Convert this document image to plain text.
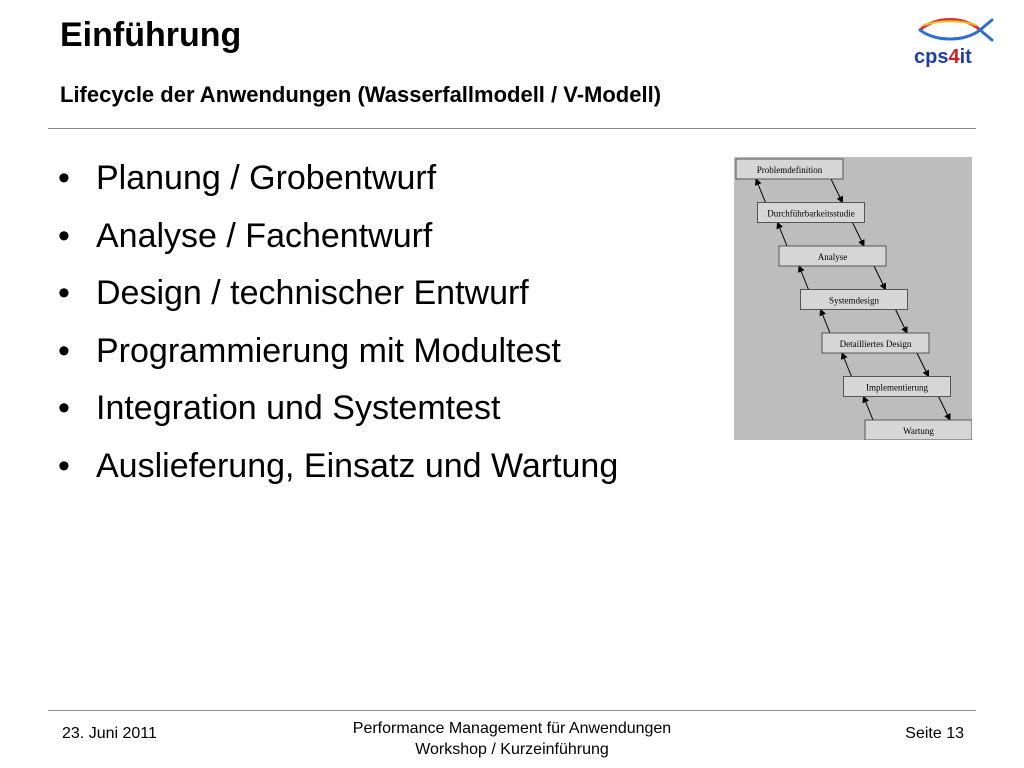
Einführung
Lifecycle der Anwendungen (Wasserfallmodell / V-Modell)
cps4it
• Planung / Grobentwurf
• Analyse / Fachentwurf
• Design / technischer Entwurf
• Programmierung mit Modultest
• Integration und Systemtest
• Auslieferung, Einsatz und Wartung
Problemdefinition
Durchführbarkeitsstudie
Analyse
Systemdesign
Detailliertes Design
Implementierung
Wartung
23. Juni 2011	Performance Management für Anwendungen
Workshop / Kurzeinführung
Seite 13
